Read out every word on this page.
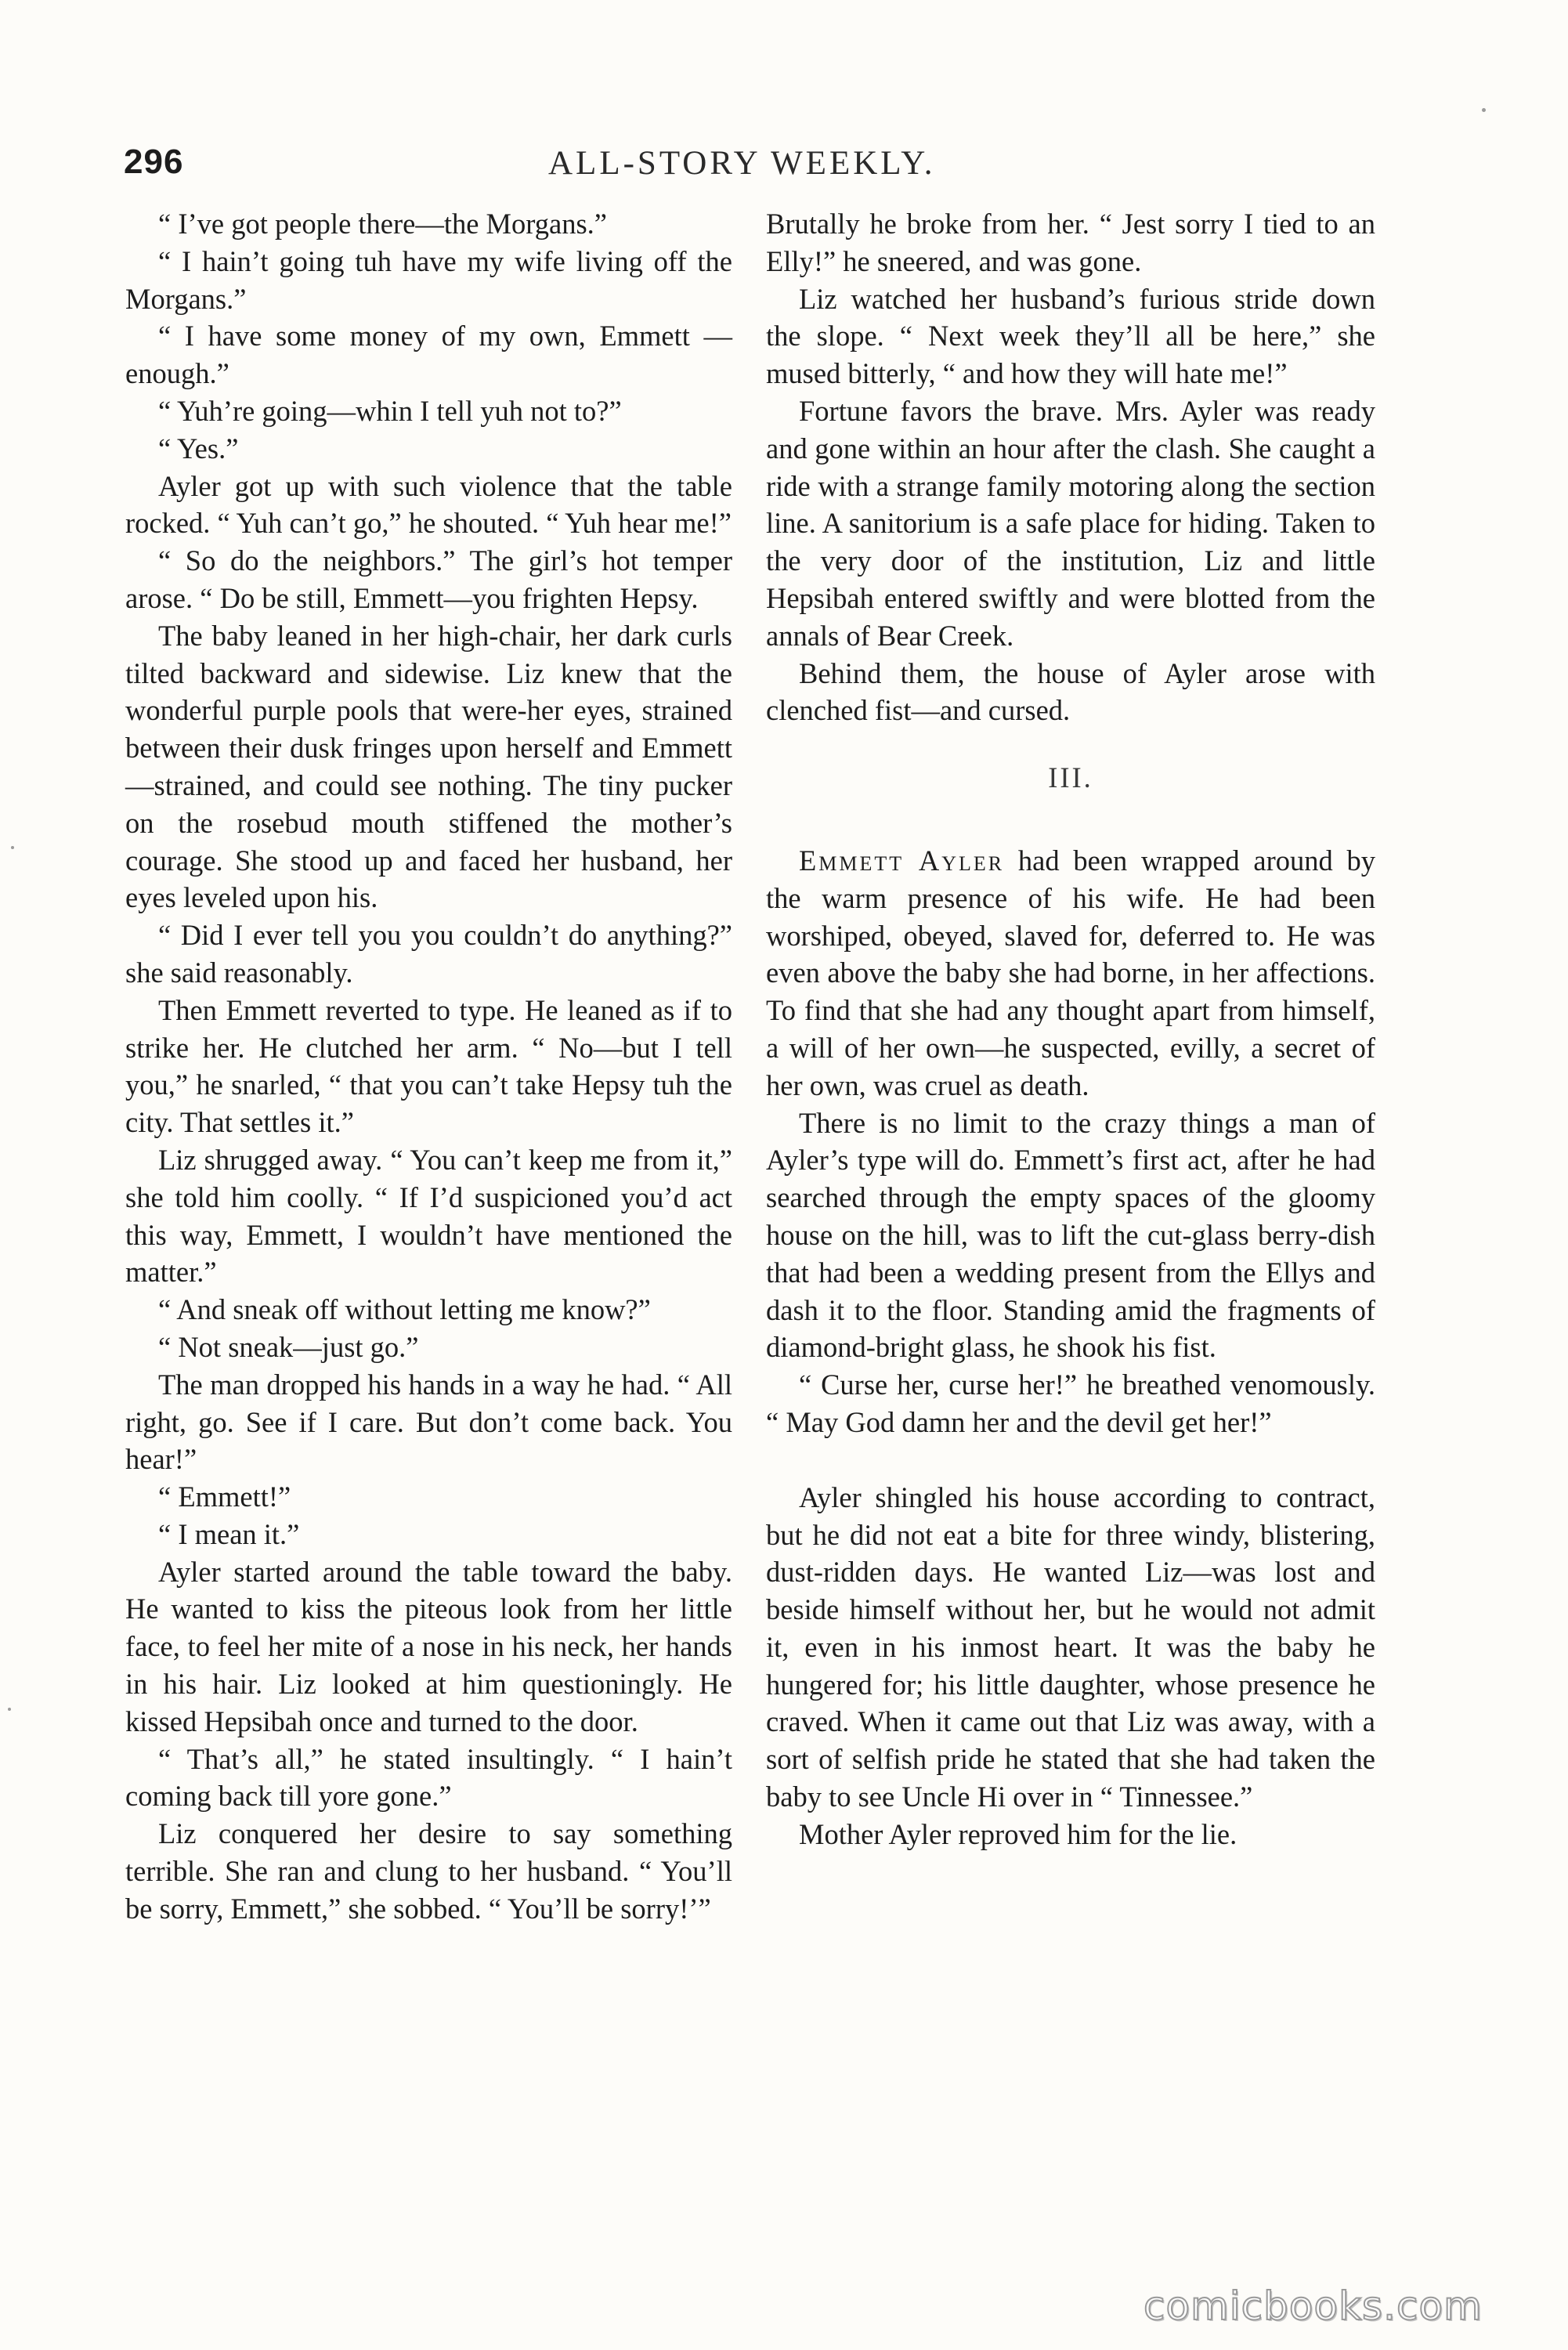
296	ALL-STORY WEEKLY.

“ I’ve got people there—the Morgans.”

“ I hain’t going tuh have my wife living off the Morgans.”

“ I have some money of my own, Emmett —enough.”

“ Yuh’re going—whin I tell yuh not to?”

“ Yes.”

Ayler got up with such violence that the table rocked. “ Yuh can’t go,” he shouted. “ Yuh hear me!”

“ So do the neighbors.” The girl’s hot temper arose. “ Do be still, Emmett—you frighten Hepsy.

The baby leaned in her high-chair, her dark curls tilted backward and sidewise. Liz knew that the wonderful purple pools that were-her eyes, strained between their dusk fringes upon herself and Emmett—strained, and could see nothing. The tiny pucker on the rosebud mouth stiffened the mother’s courage. She stood up and faced her husband, her eyes leveled upon his.

“ Did I ever tell you you couldn’t do anything?” she said reasonably.

Then Emmett reverted to type. He leaned as if to strike her. He clutched her arm. “ No—but I tell you,” he snarled, “ that you can’t take Hepsy tuh the city. That settles it.”

Liz shrugged away. “ You can’t keep me from it,” she told him coolly. “ If I’d suspicioned you’d act this way, Emmett, I wouldn’t have mentioned the matter.”

“ And sneak off without letting me know?”

“ Not sneak—just go.”

The man dropped his hands in a way he had. “ All right, go. See if I care. But don’t come back. You hear!”

“ Emmett!”

“ I mean it.”

Ayler started around the table toward the baby. He wanted to kiss the piteous look from her little face, to feel her mite of a nose in his neck, her hands in his hair. Liz looked at him questioningly. He kissed Hepsibah once and turned to the door.

“ That’s all,” he stated insultingly. “ I hain’t coming back till yore gone.”

Liz conquered her desire to say something terrible. She ran and clung to her husband. “ You’ll be sorry, Emmett,” she sobbed. “ You’ll be sorry!’”

Brutally he broke from her. “ Jest sorry I tied to an Elly!” he sneered, and was gone.

Liz watched her husband’s furious stride down the slope. “ Next week they’ll all be here,” she mused bitterly, “ and how they will hate me!”

Fortune favors the brave. Mrs. Ayler was ready and gone within an hour after the clash. She caught a ride with a strange family motoring along the section line. A sanitorium is a safe place for hiding. Taken to the very door of the institution, Liz and little Hepsibah entered swiftly and were blotted from the annals of Bear Creek.

Behind them, the house of Ayler arose with clenched fist—and cursed.

III.

Emmett Ayler had been wrapped around by the warm presence of his wife. He had been worshiped, obeyed, slaved for, deferred to. He was even above the baby she had borne, in her affections. To find that she had any thought apart from himself, a will of her own—he suspected, evilly, a secret of her own, was cruel as death.

There is no limit to the crazy things a man of Ayler’s type will do. Emmett’s first act, after he had searched through the empty spaces of the gloomy house on the hill, was to lift the cut-glass berry-dish that had been a wedding present from the Ellys and dash it to the floor. Standing amid the fragments of diamond-bright glass, he shook his fist.

“ Curse her, curse her!” he breathed venomously. “ May God damn her and the devil get her!”

Ayler shingled his house according to contract, but he did not eat a bite for three windy, blistering, dust-ridden days. He wanted Liz—was lost and beside himself without her, but he would not admit it, even in his inmost heart. It was the baby he hungered for; his little daughter, whose presence he craved. When it came out that Liz was away, with a sort of selfish pride he stated that she had taken the baby to see Uncle Hi over in “ Tinnessee.”

Mother Ayler reproved him for the lie.

comicbooks.com
